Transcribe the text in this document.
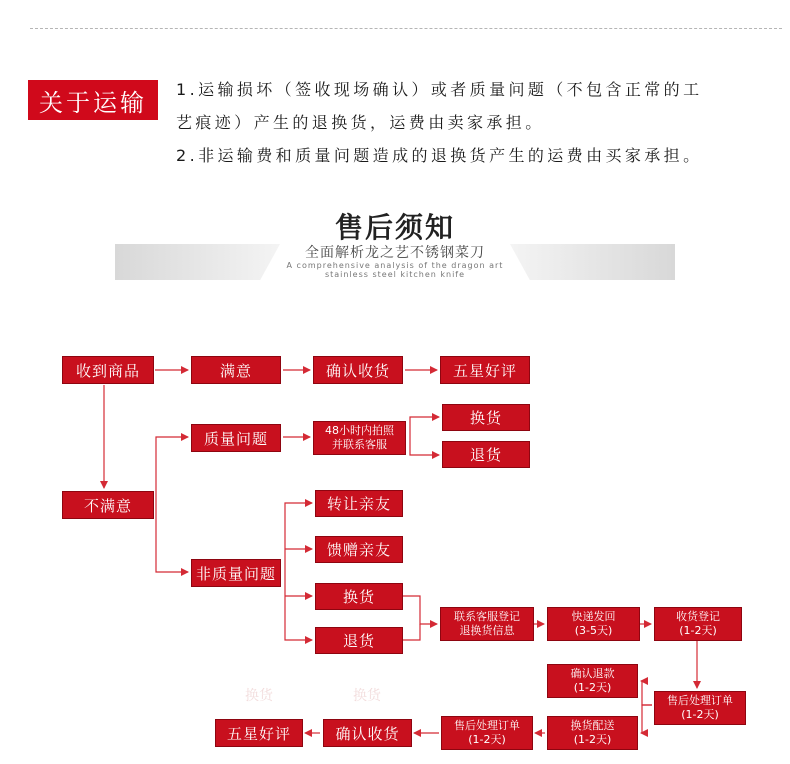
关于运输	1.运输损坏（签收现场确认）或者质量问题（不包含正常的工

艺痕迹）产生的退换货，运费由卖家承担。

2.非运输费和质量问题造成的退换货产生的运费由买家承担。

售后须知
全面解析龙之艺不锈钢菜刀
A comprehensive analysis of the dragon art
stainless steel kitchen knife
换货	换货
收到商品	满意	确认收货	五星好评
不满意
质量问题	48小时内拍照
并联系客服
换货
退货
非质量问题
转让亲友
馈赠亲友
换货
退货
联系客服登记
退换货信息
快递发回
(3-5天)
收货登记
(1-2天)
售后处理订单
(1-2天)
确认退款
(1-2天)
换货配送
(1-2天)
售后处理订单
(1-2天)
确认收货
五星好评
